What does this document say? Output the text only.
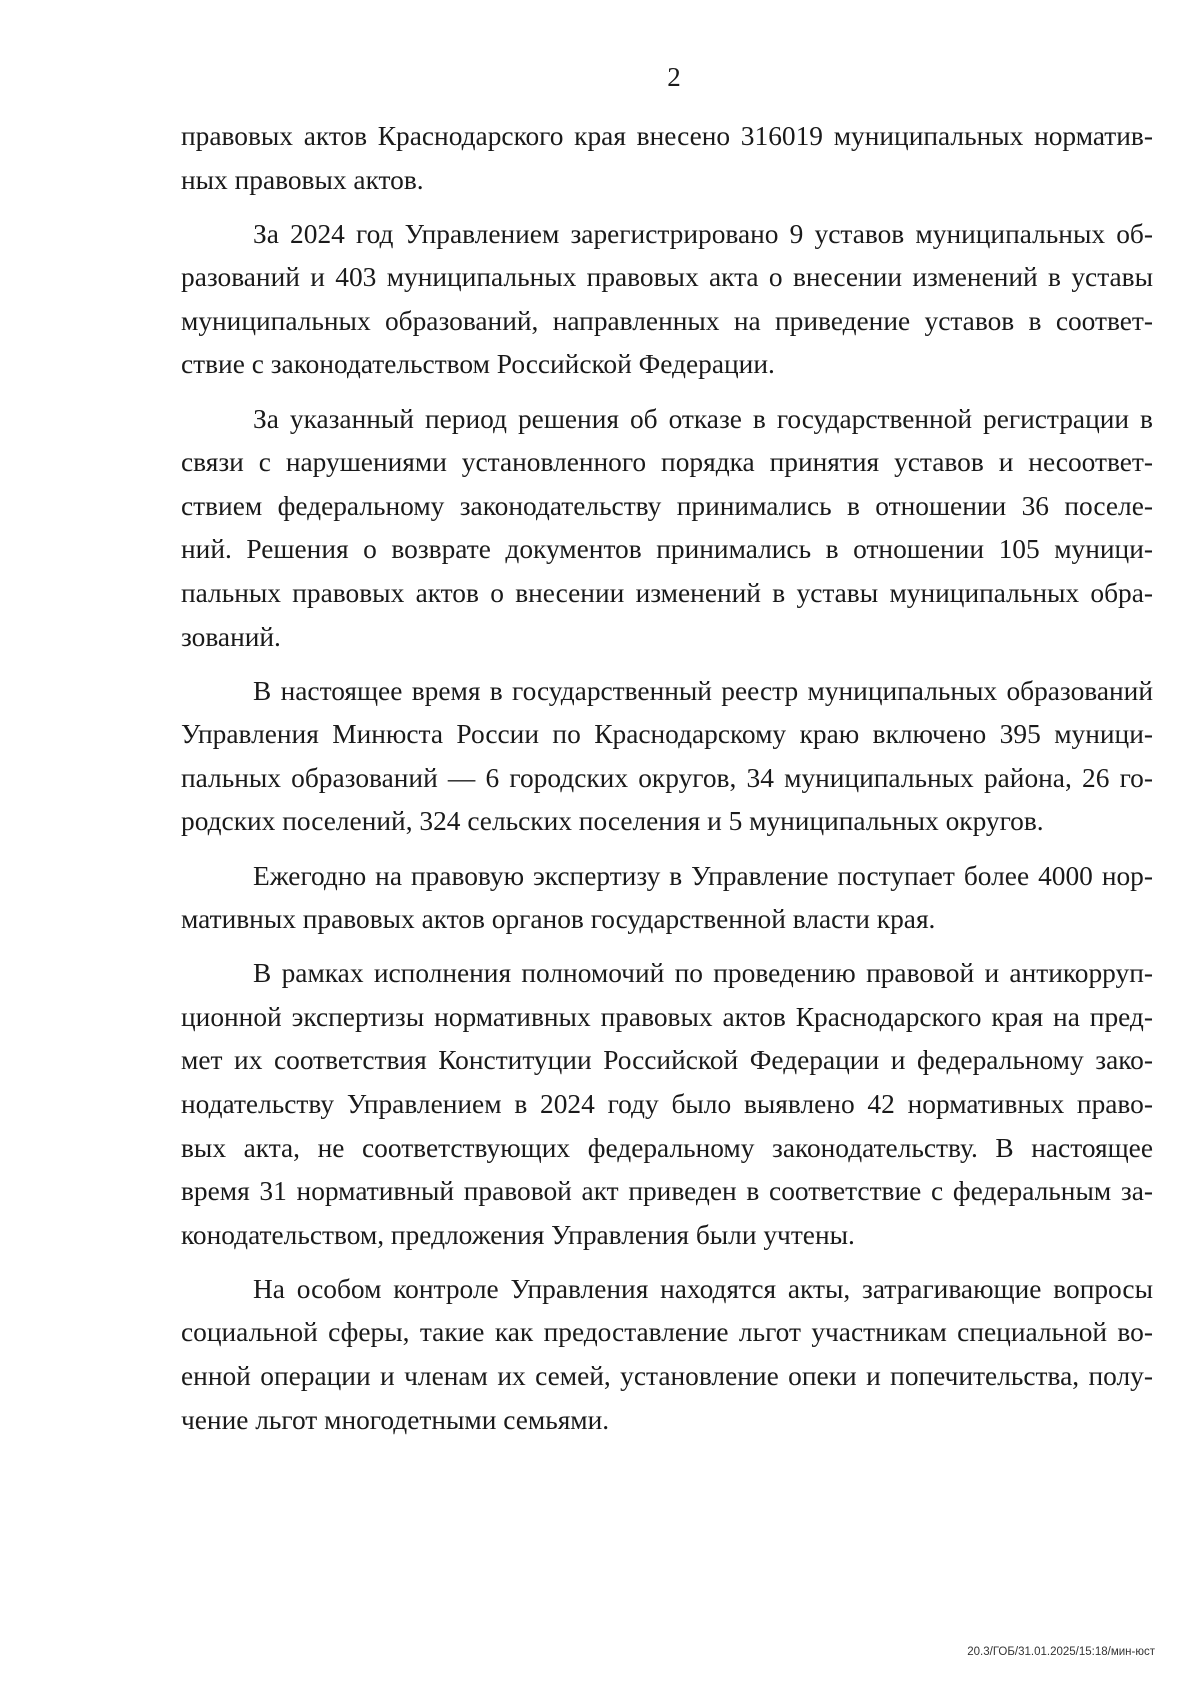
2
правовых актов Краснодарского края внесено 316019 муниципальных норматив-
ных правовых актов.
За 2024 год Управлением зарегистрировано 9 уставов муниципальных об-
разований и 403 муниципальных правовых акта о внесении изменений в уставы
муниципальных образований, направленных на приведение уставов в соответ-
ствие с законодательством Российской Федерации.
За указанный период решения об отказе в государственной регистрации в
связи с нарушениями установленного порядка принятия уставов и несоответ-
ствием федеральному законодательству принимались в отношении 36 поселе-
ний. Решения о возврате документов принимались в отношении 105 муници-
пальных правовых актов о внесении изменений в уставы муниципальных обра-
зований.
В настоящее время в государственный реестр муниципальных образований
Управления Минюста России по Краснодарскому краю включено 395 муници-
пальных образований — 6 городских округов, 34 муниципальных района, 26 го-
родских поселений, 324 сельских поселения и 5 муниципальных округов.
Ежегодно на правовую экспертизу в Управление поступает более 4000 нор-
мативных правовых актов органов государственной власти края.
В рамках исполнения полномочий по проведению правовой и антикорруп-
ционной экспертизы нормативных правовых актов Краснодарского края на пред-
мет их соответствия Конституции Российской Федерации и федеральному зако-
нодательству Управлением в 2024 году было выявлено 42 нормативных право-
вых акта, не соответствующих федеральному законодательству. В настоящее
время 31 нормативный правовой акт приведен в соответствие с федеральным за-
конодательством, предложения Управления были учтены.
На особом контроле Управления находятся акты, затрагивающие вопросы
социальной сферы, такие как предоставление льгот участникам специальной во-
енной операции и членам их семей, установление опеки и попечительства, полу-
чение льгот многодетными семьями.
20.3/ГОБ/31.01.2025/15:18/мин-юст
